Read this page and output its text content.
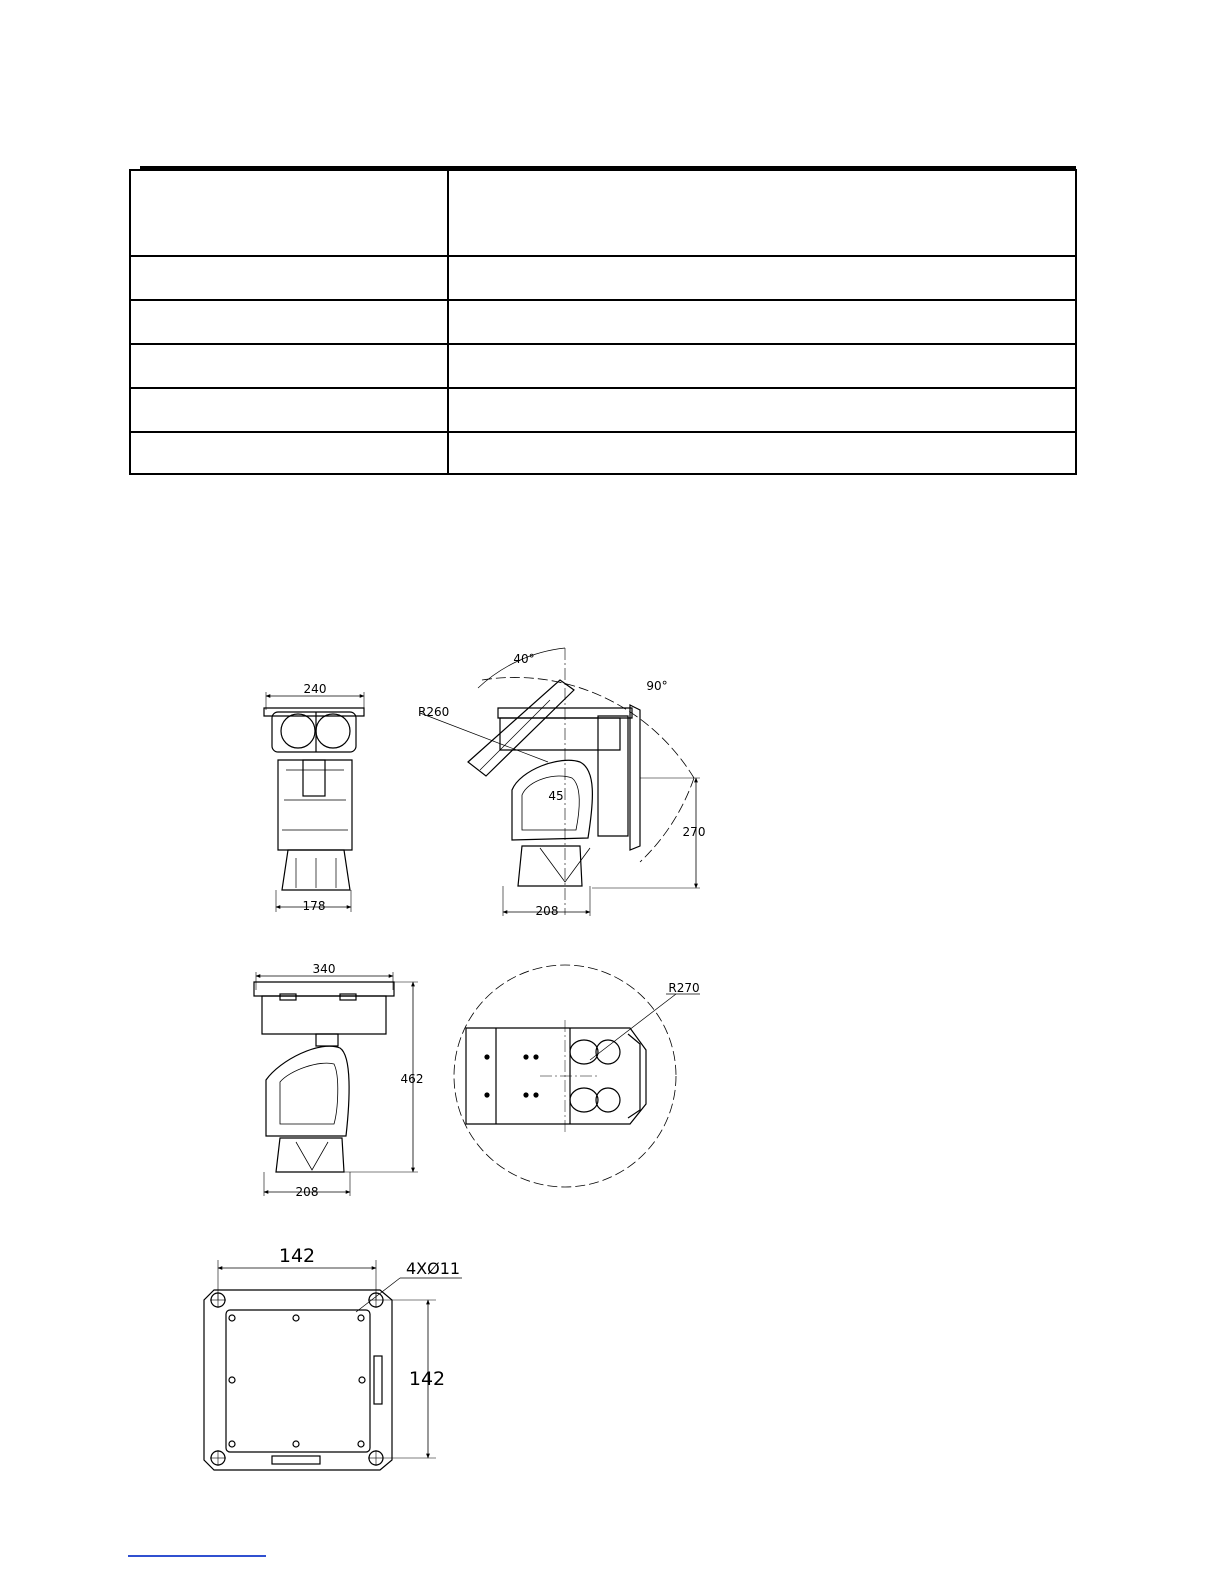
240
178
40°
90°
R260
45
270
208
340
462
208
R270
142
142
4XØ11
